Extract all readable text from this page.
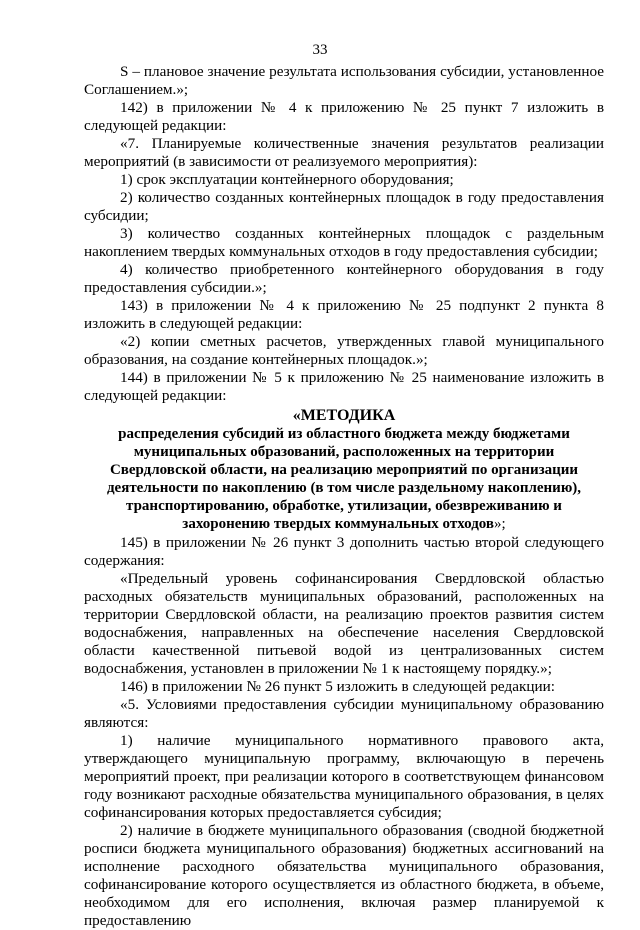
33

S – плановое значение результата использования субсидии, установленное Соглашением.»;

142) в приложении № 4 к приложению № 25 пункт 7 изложить в следующей редакции:

«7. Планируемые количественные значения результатов реализации мероприятий (в зависимости от реализуемого мероприятия):

1) срок эксплуатации контейнерного оборудования;

2) количество созданных контейнерных площадок в году предоставления субсидии;

3) количество созданных контейнерных площадок с раздельным накоплением твердых коммунальных отходов в году предоставления субсидии;

4) количество приобретенного контейнерного оборудования в году предоставления субсидии.»;

143) в приложении № 4 к приложению № 25 подпункт 2 пункта 8 изложить в следующей редакции:

«2) копии сметных расчетов, утвержденных главой муниципального образования, на создание контейнерных площадок.»;

144) в приложении № 5 к приложению № 25 наименование изложить в следующей редакции:

«МЕТОДИКА
распределения субсидий из областного бюджета между бюджетами муниципальных образований, расположенных на территории Свердловской области, на реализацию мероприятий по организации деятельности по накоплению (в том числе раздельному накоплению), транспортированию, обработке, утилизации, обезвреживанию и захоронению твердых коммунальных отходов»;

145) в приложении № 26 пункт 3 дополнить частью второй следующего содержания:

«Предельный уровень софинансирования Свердловской областью расходных обязательств муниципальных образований, расположенных на территории Свердловской области, на реализацию проектов развития систем водоснабжения, направленных на обеспечение населения Свердловской области качественной питьевой водой из централизованных систем водоснабжения, установлен в приложении № 1 к настоящему порядку.»;

146) в приложении № 26 пункт 5 изложить в следующей редакции:

«5. Условиями предоставления субсидии муниципальному образованию являются:

1) наличие муниципального нормативного правового акта, утверждающего муниципальную программу, включающую в перечень мероприятий проект, при реализации которого в соответствующем финансовом году возникают расходные обязательства муниципального образования, в целях софинансирования которых предоставляется субсидия;

2) наличие в бюджете муниципального образования (сводной бюджетной росписи бюджета муниципального образования) бюджетных ассигнований на исполнение расходного обязательства муниципального образования, софинансирование которого осуществляется из областного бюджета, в объеме, необходимом для его исполнения, включая размер планируемой к предоставлению
